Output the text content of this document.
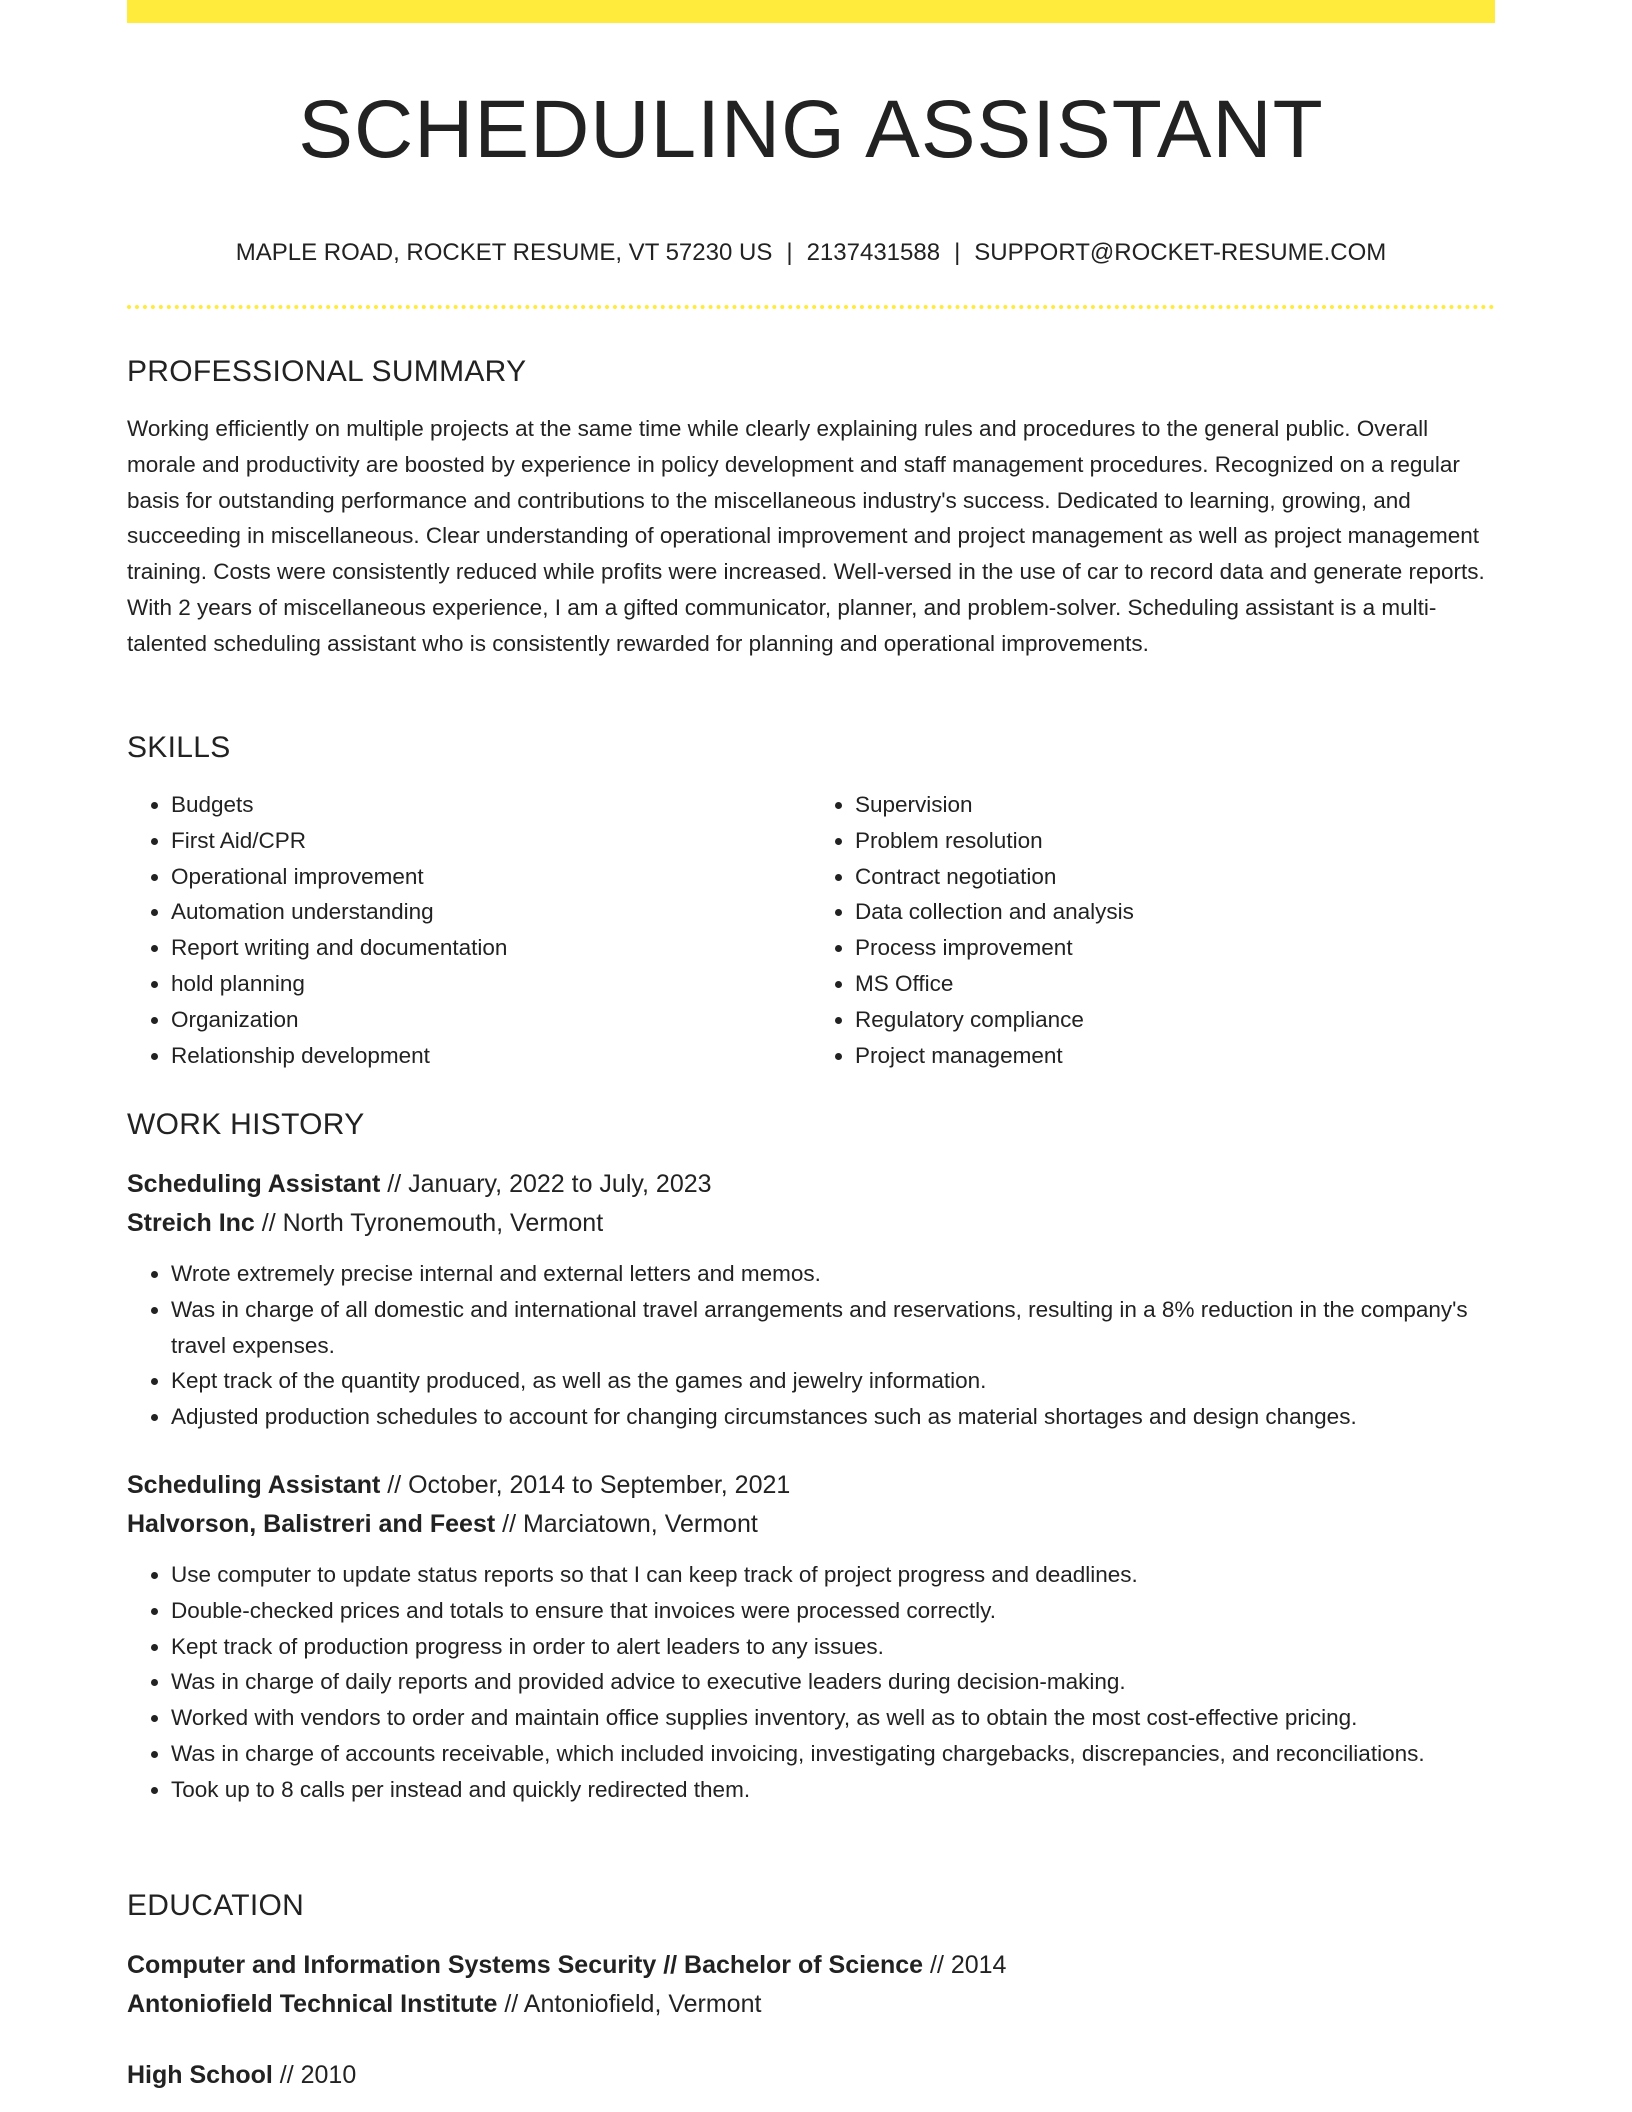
SCHEDULING ASSISTANT
MAPLE ROAD, ROCKET RESUME, VT 57230 US | 2137431588 | SUPPORT@ROCKET-RESUME.COM
PROFESSIONAL SUMMARY

Working efficiently on multiple projects at the same time while clearly explaining rules and procedures to the general public. Overall morale and productivity are boosted by experience in policy development and staff management procedures. Recognized on a regular basis for outstanding performance and contributions to the miscellaneous industry's success. Dedicated to learning, growing, and succeeding in miscellaneous. Clear understanding of operational improvement and project management as well as project management training. Costs were consistently reduced while profits were increased. Well-versed in the use of car to record data and generate reports. With 2 years of miscellaneous experience, I am a gifted communicator, planner, and problem-solver. Scheduling assistant is a multi-talented scheduling assistant who is consistently rewarded for planning and operational improvements.

SKILLS
• Budgets
• First Aid/CPR
• Operational improvement
• Automation understanding
• Report writing and documentation
• hold planning
• Organization
• Relationship development
• Supervision
• Problem resolution
• Contract negotiation
• Data collection and analysis
• Process improvement
• MS Office
• Regulatory compliance
• Project management
WORK HISTORY
Scheduling Assistant // January, 2022 to July, 2023
Streich Inc // North Tyronemouth, Vermont
• Wrote extremely precise internal and external letters and memos.
• Was in charge of all domestic and international travel arrangements and reservations, resulting in a 8% reduction in the company's travel expenses.
• Kept track of the quantity produced, as well as the games and jewelry information.
• Adjusted production schedules to account for changing circumstances such as material shortages and design changes.
Scheduling Assistant // October, 2014 to September, 2021
Halvorson, Balistreri and Feest // Marciatown, Vermont
• Use computer to update status reports so that I can keep track of project progress and deadlines.
• Double-checked prices and totals to ensure that invoices were processed correctly.
• Kept track of production progress in order to alert leaders to any issues.
• Was in charge of daily reports and provided advice to executive leaders during decision-making.
• Worked with vendors to order and maintain office supplies inventory, as well as to obtain the most cost-effective pricing.
• Was in charge of accounts receivable, which included invoicing, investigating chargebacks, discrepancies, and reconciliations.
• Took up to 8 calls per instead and quickly redirected them.
EDUCATION
Computer and Information Systems Security // Bachelor of Science // 2014
Antoniofield Technical Institute // Antoniofield, Vermont
High School // 2010
